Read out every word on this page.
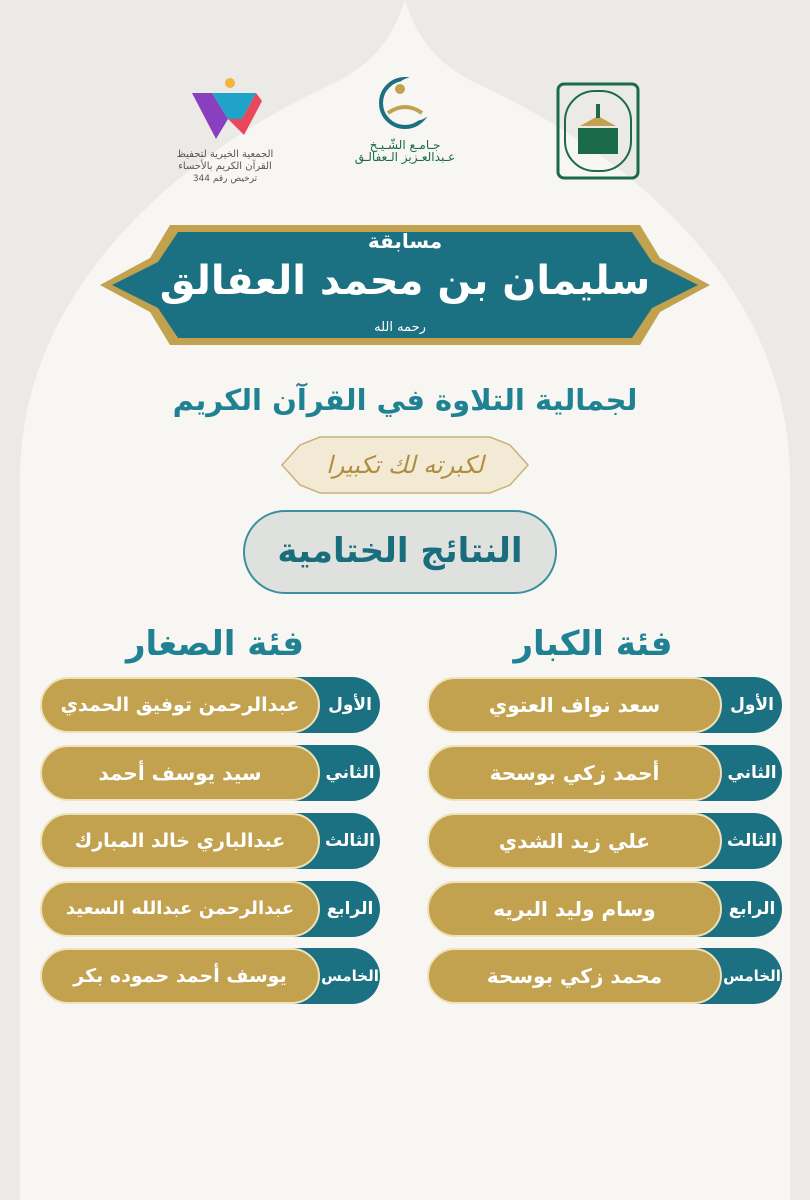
جـامـع الشّـيـخ
عـبدالعـزيز الـعفالـق
الجمعية الخيرية لتحفيظ
القرآن الكريم بالأحساء
ترخيص رقم 344
مسابقة
سليمان بن محمد العفالق
رحمه الله
لجمالية التلاوة في القرآن الكريم
لكبرته لك تكبيرا
النتائج الختامية
فئة الكبار
فئة الصغار
سعد نواف العتوي	الأول
أحمد زكي بوسحة	الثاني
علي زيد الشدي	الثالث
وسام وليد البريه	الرابع
محمد زكي بوسحة	الخامس
عبدالرحمن توفيق الحمدي	الأول
سيد يوسف أحمد	الثاني
عبدالباري خالد المبارك	الثالث
عبدالرحمن عبدالله السعيد	الرابع
يوسف أحمد حموده بكر	الخامس
